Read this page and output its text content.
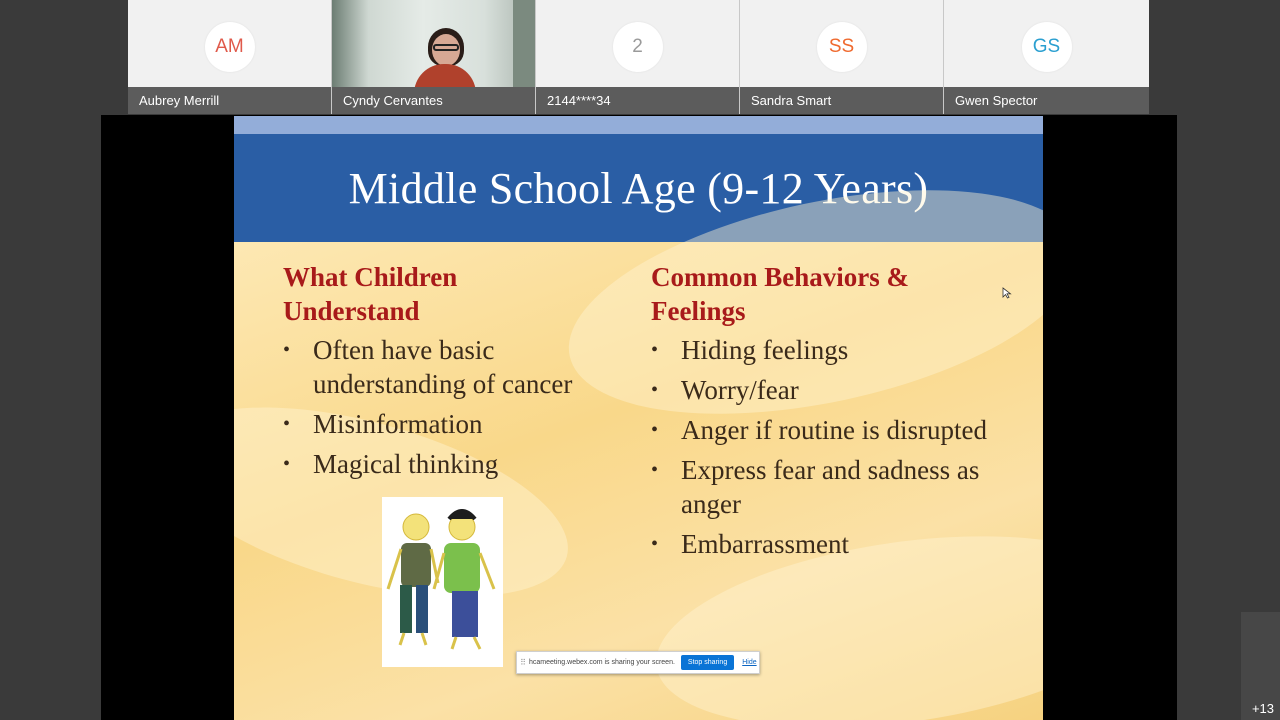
AM
Aubrey Merrill	Cyndy Cervantes
2
2144****34
SS
Sandra Smart
GS
Gwen Spector
Middle School Age (9-12 Years)
What Children Understand
• Often have basic understanding of cancer
• Misinformation
• Magical thinking
Common Behaviors & Feelings
• Hiding feelings
• Worry/fear
• Anger if routine is disrupted
• Express fear and sadness as anger
• Embarrassment
⠿ hcameeting.webex.com is sharing your screen.	Stop sharing	Hide
+13
